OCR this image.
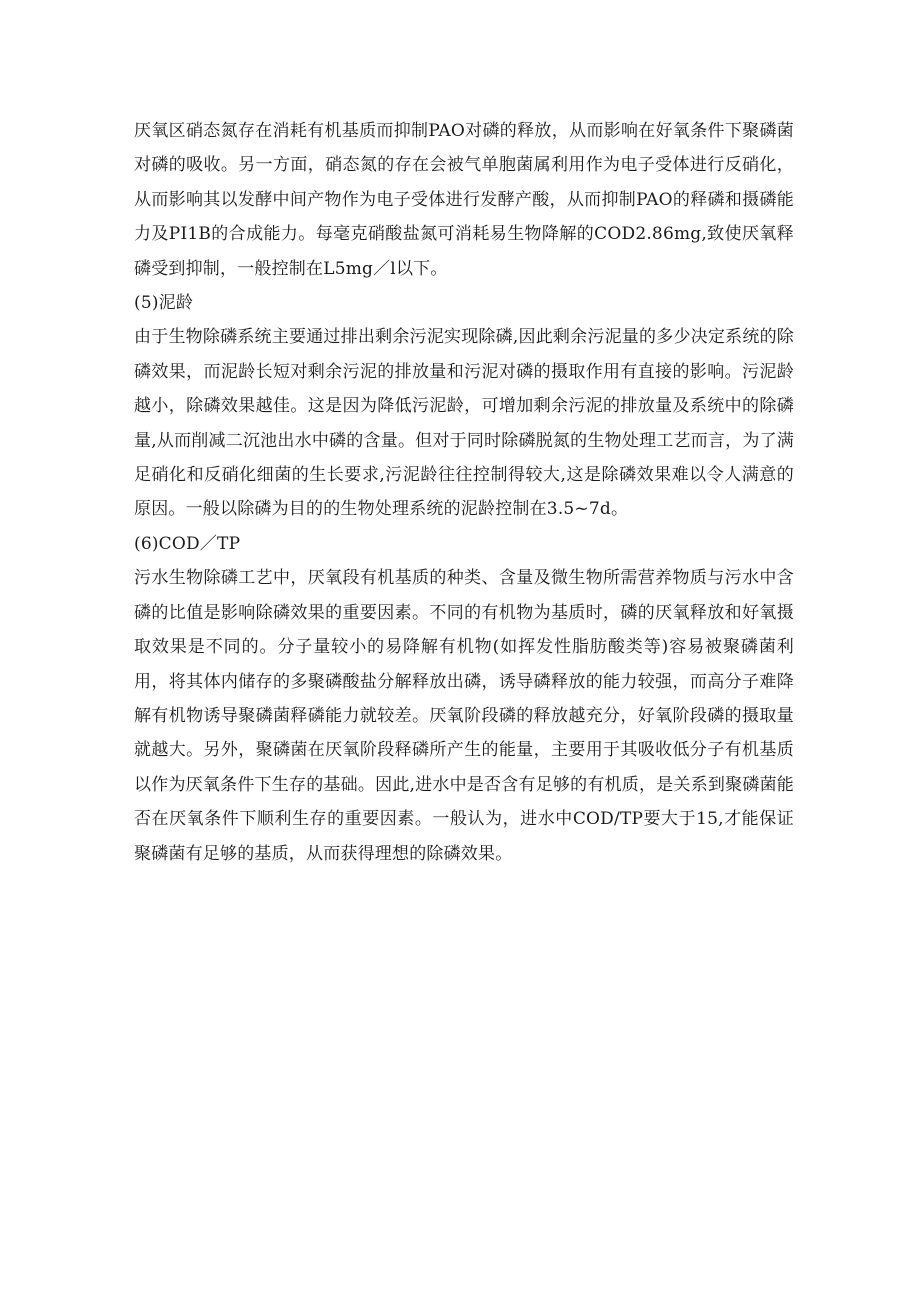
厌氧区硝态氮存在消耗有机基质而抑制PAO对磷的释放，从而影响在好氧条件下聚磷菌对磷的吸收。另一方面，硝态氮的存在会被气单胞菌属利用作为电子受体进行反硝化，从而影响其以发酵中间产物作为电子受体进行发酵产酸，从而抑制PAO的释磷和摄磷能力及PI1B的合成能力。每毫克硝酸盐氮可消耗易生物降解的COD2.86mg,致使厌氧释磷受到抑制，一般控制在L5mg／l以下。

(5)泥龄

由于生物除磷系统主要通过排出剩余污泥实现除磷,因此剩余污泥量的多少决定系统的除磷效果，而泥龄长短对剩余污泥的排放量和污泥对磷的摄取作用有直接的影响。污泥龄越小，除磷效果越佳。这是因为降低污泥龄，可增加剩余污泥的排放量及系统中的除磷量,从而削减二沉池出水中磷的含量。但对于同时除磷脱氮的生物处理工艺而言，为了满足硝化和反硝化细菌的生长要求,污泥龄往往控制得较大,这是除磷效果难以令人满意的原因。一般以除磷为目的的生物处理系统的泥龄控制在3.5~7d。

(6)COD／TP

污水生物除磷工艺中，厌氧段有机基质的种类、含量及微生物所需营养物质与污水中含磷的比值是影响除磷效果的重要因素。不同的有机物为基质时，磷的厌氧释放和好氧摄取效果是不同的。分子量较小的易降解有机物(如挥发性脂肪酸类等)容易被聚磷菌利用，将其体内储存的多聚磷酸盐分解释放出磷，诱导磷释放的能力较强，而高分子难降解有机物诱导聚磷菌释磷能力就较差。厌氧阶段磷的释放越充分，好氧阶段磷的摄取量就越大。另外，聚磷菌在厌氧阶段释磷所产生的能量，主要用于其吸收低分子有机基质以作为厌氧条件下生存的基础。因此,进水中是否含有足够的有机质，是关系到聚磷菌能否在厌氧条件下顺利生存的重要因素。一般认为，进水中COD/TP要大于15,才能保证聚磷菌有足够的基质，从而获得理想的除磷效果。
